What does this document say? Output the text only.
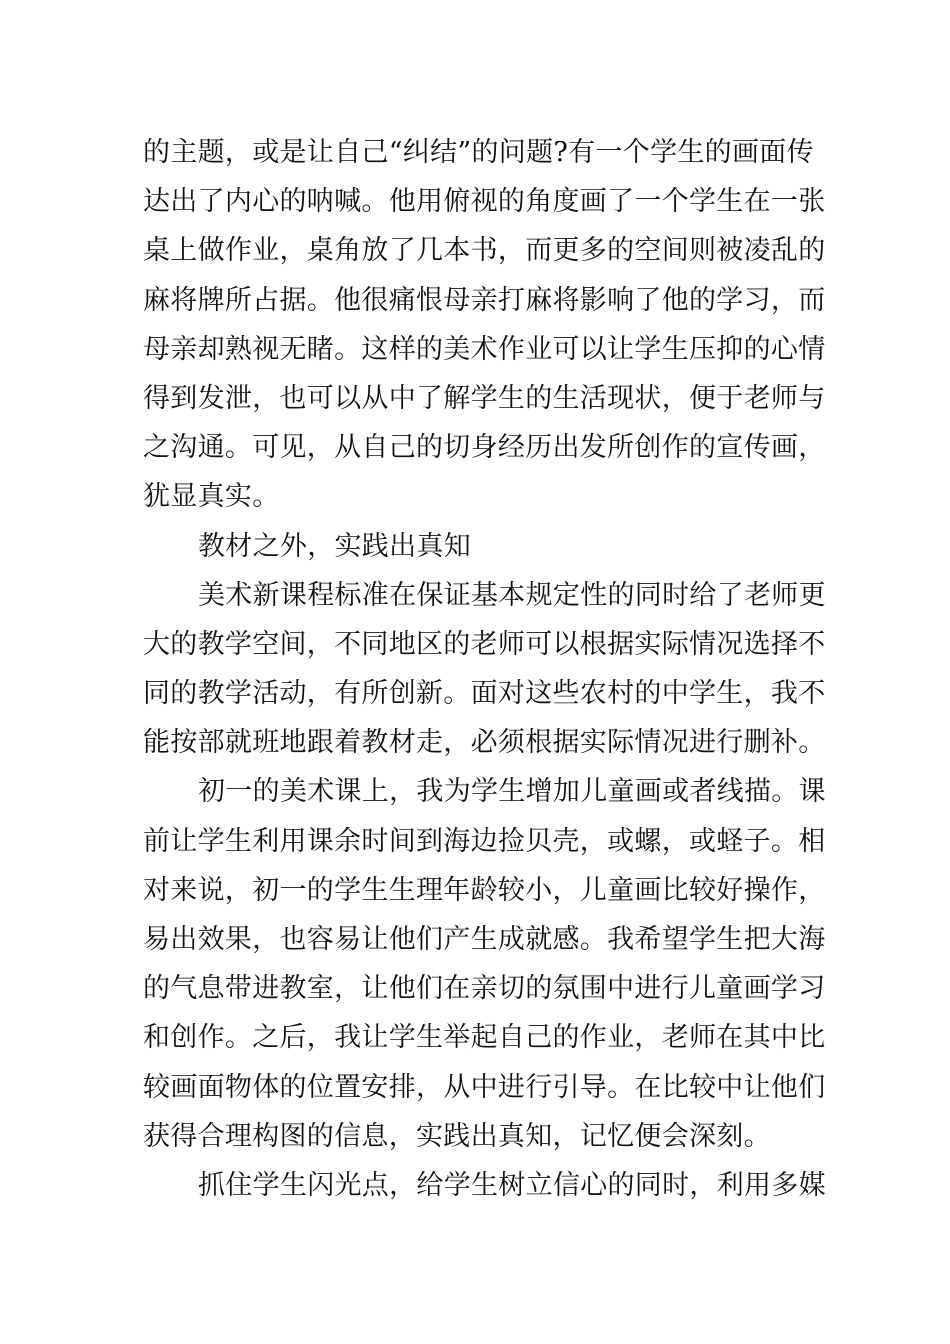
的主题，或是让自己“纠结”的问题?有一个学生的画面传
达出了内心的呐喊。他用俯视的角度画了一个学生在一张
桌上做作业，桌角放了几本书，而更多的空间则被凌乱的
麻将牌所占据。他很痛恨母亲打麻将影响了他的学习，而
母亲却熟视无睹。这样的美术作业可以让学生压抑的心情
得到发泄，也可以从中了解学生的生活现状，便于老师与
之沟通。可见，从自己的切身经历出发所创作的宣传画，
犹显真实。
教材之外，实践出真知
美术新课程标准在保证基本规定性的同时给了老师更
大的教学空间，不同地区的老师可以根据实际情况选择不
同的教学活动，有所创新。面对这些农村的中学生，我不
能按部就班地跟着教材走，必须根据实际情况进行删补。
初一的美术课上，我为学生增加儿童画或者线描。课
前让学生利用课余时间到海边捡贝壳，或螺，或蛏子。相
对来说，初一的学生生理年龄较小，儿童画比较好操作，
易出效果，也容易让他们产生成就感。我希望学生把大海
的气息带进教室，让他们在亲切的氛围中进行儿童画学习
和创作。之后，我让学生举起自己的作业，老师在其中比
较画面物体的位置安排，从中进行引导。在比较中让他们
获得合理构图的信息，实践出真知，记忆便会深刻。
抓住学生闪光点，给学生树立信心的同时，利用多媒
